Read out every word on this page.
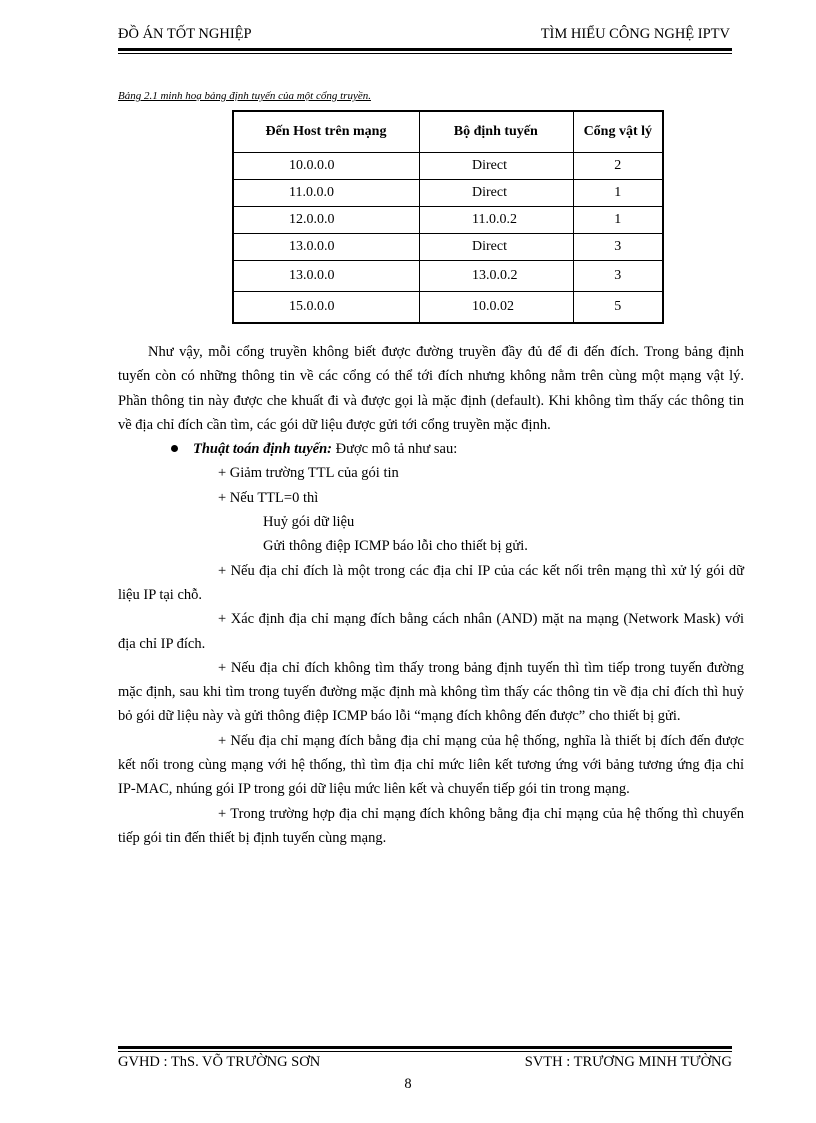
ĐỒ ÁN TỐT NGHIỆP	TÌM HIỂU CÔNG NGHỆ IPTV
Bảng 2.1 minh hoạ bảng định tuyến của một cổng truyền.
Đến Host trên mạng	Bộ định tuyến	Cổng vật lý
10.0.0.0	Direct	2
11.0.0.0	Direct	1
12.0.0.0	11.0.0.2	1
13.0.0.0	Direct	3
13.0.0.0	13.0.0.2	3
15.0.0.0	10.0.02	5

Như vậy, mỗi cổng truyền không biết được đường truyền đầy đủ để đi đến đích. Trong bảng định tuyến còn có những thông tin về các cổng có thể tới đích nhưng không nằm trên cùng một mạng vật lý. Phần thông tin này được che khuất đi và được gọi là mặc định (default). Khi không tìm thấy các thông tin về địa chỉ đích cần tìm, các gói dữ liệu được gửi tới cổng truyền mặc định.

Thuật toán định tuyến: Được mô tả như sau:

+ Giảm trường TTL của gói tin

+ Nếu TTL=0 thì

Huỷ gói dữ liệu

Gửi thông điệp ICMP báo lỗi cho thiết bị gửi.

+ Nếu địa chỉ đích là một trong các địa chỉ IP của các kết nối trên mạng thì xử lý gói dữ liệu IP tại chỗ.

+ Xác định địa chỉ mạng đích bằng cách nhân (AND) mặt na mạng (Network Mask) với địa chỉ IP đích.

+ Nếu địa chỉ đích không tìm thấy trong bảng định tuyến thì tìm tiếp trong tuyến đường mặc định, sau khi tìm trong tuyến đường mặc định mà không tìm thấy các thông tin về địa chỉ đích thì huỷ bỏ gói dữ liệu này và gửi thông điệp ICMP báo lỗi “mạng đích không đến được” cho thiết bị gửi.

+ Nếu địa chỉ mạng đích bằng địa chỉ mạng của hệ thống, nghĩa là thiết bị đích đến được kết nối trong cùng mạng với hệ thống, thì tìm địa chỉ mức liên kết tương ứng với bảng tương ứng địa chỉ IP-MAC, nhúng gói IP trong gói dữ liệu mức liên kết và chuyển tiếp gói tin trong mạng.

+ Trong trường hợp địa chỉ mạng đích không bằng địa chỉ mạng của hệ thống thì chuyển tiếp gói tin đến thiết bị định tuyến cùng mạng.

GVHD : ThS. VÕ TRƯỜNG SƠN	SVTH : TRƯƠNG MINH TƯỜNG
8
